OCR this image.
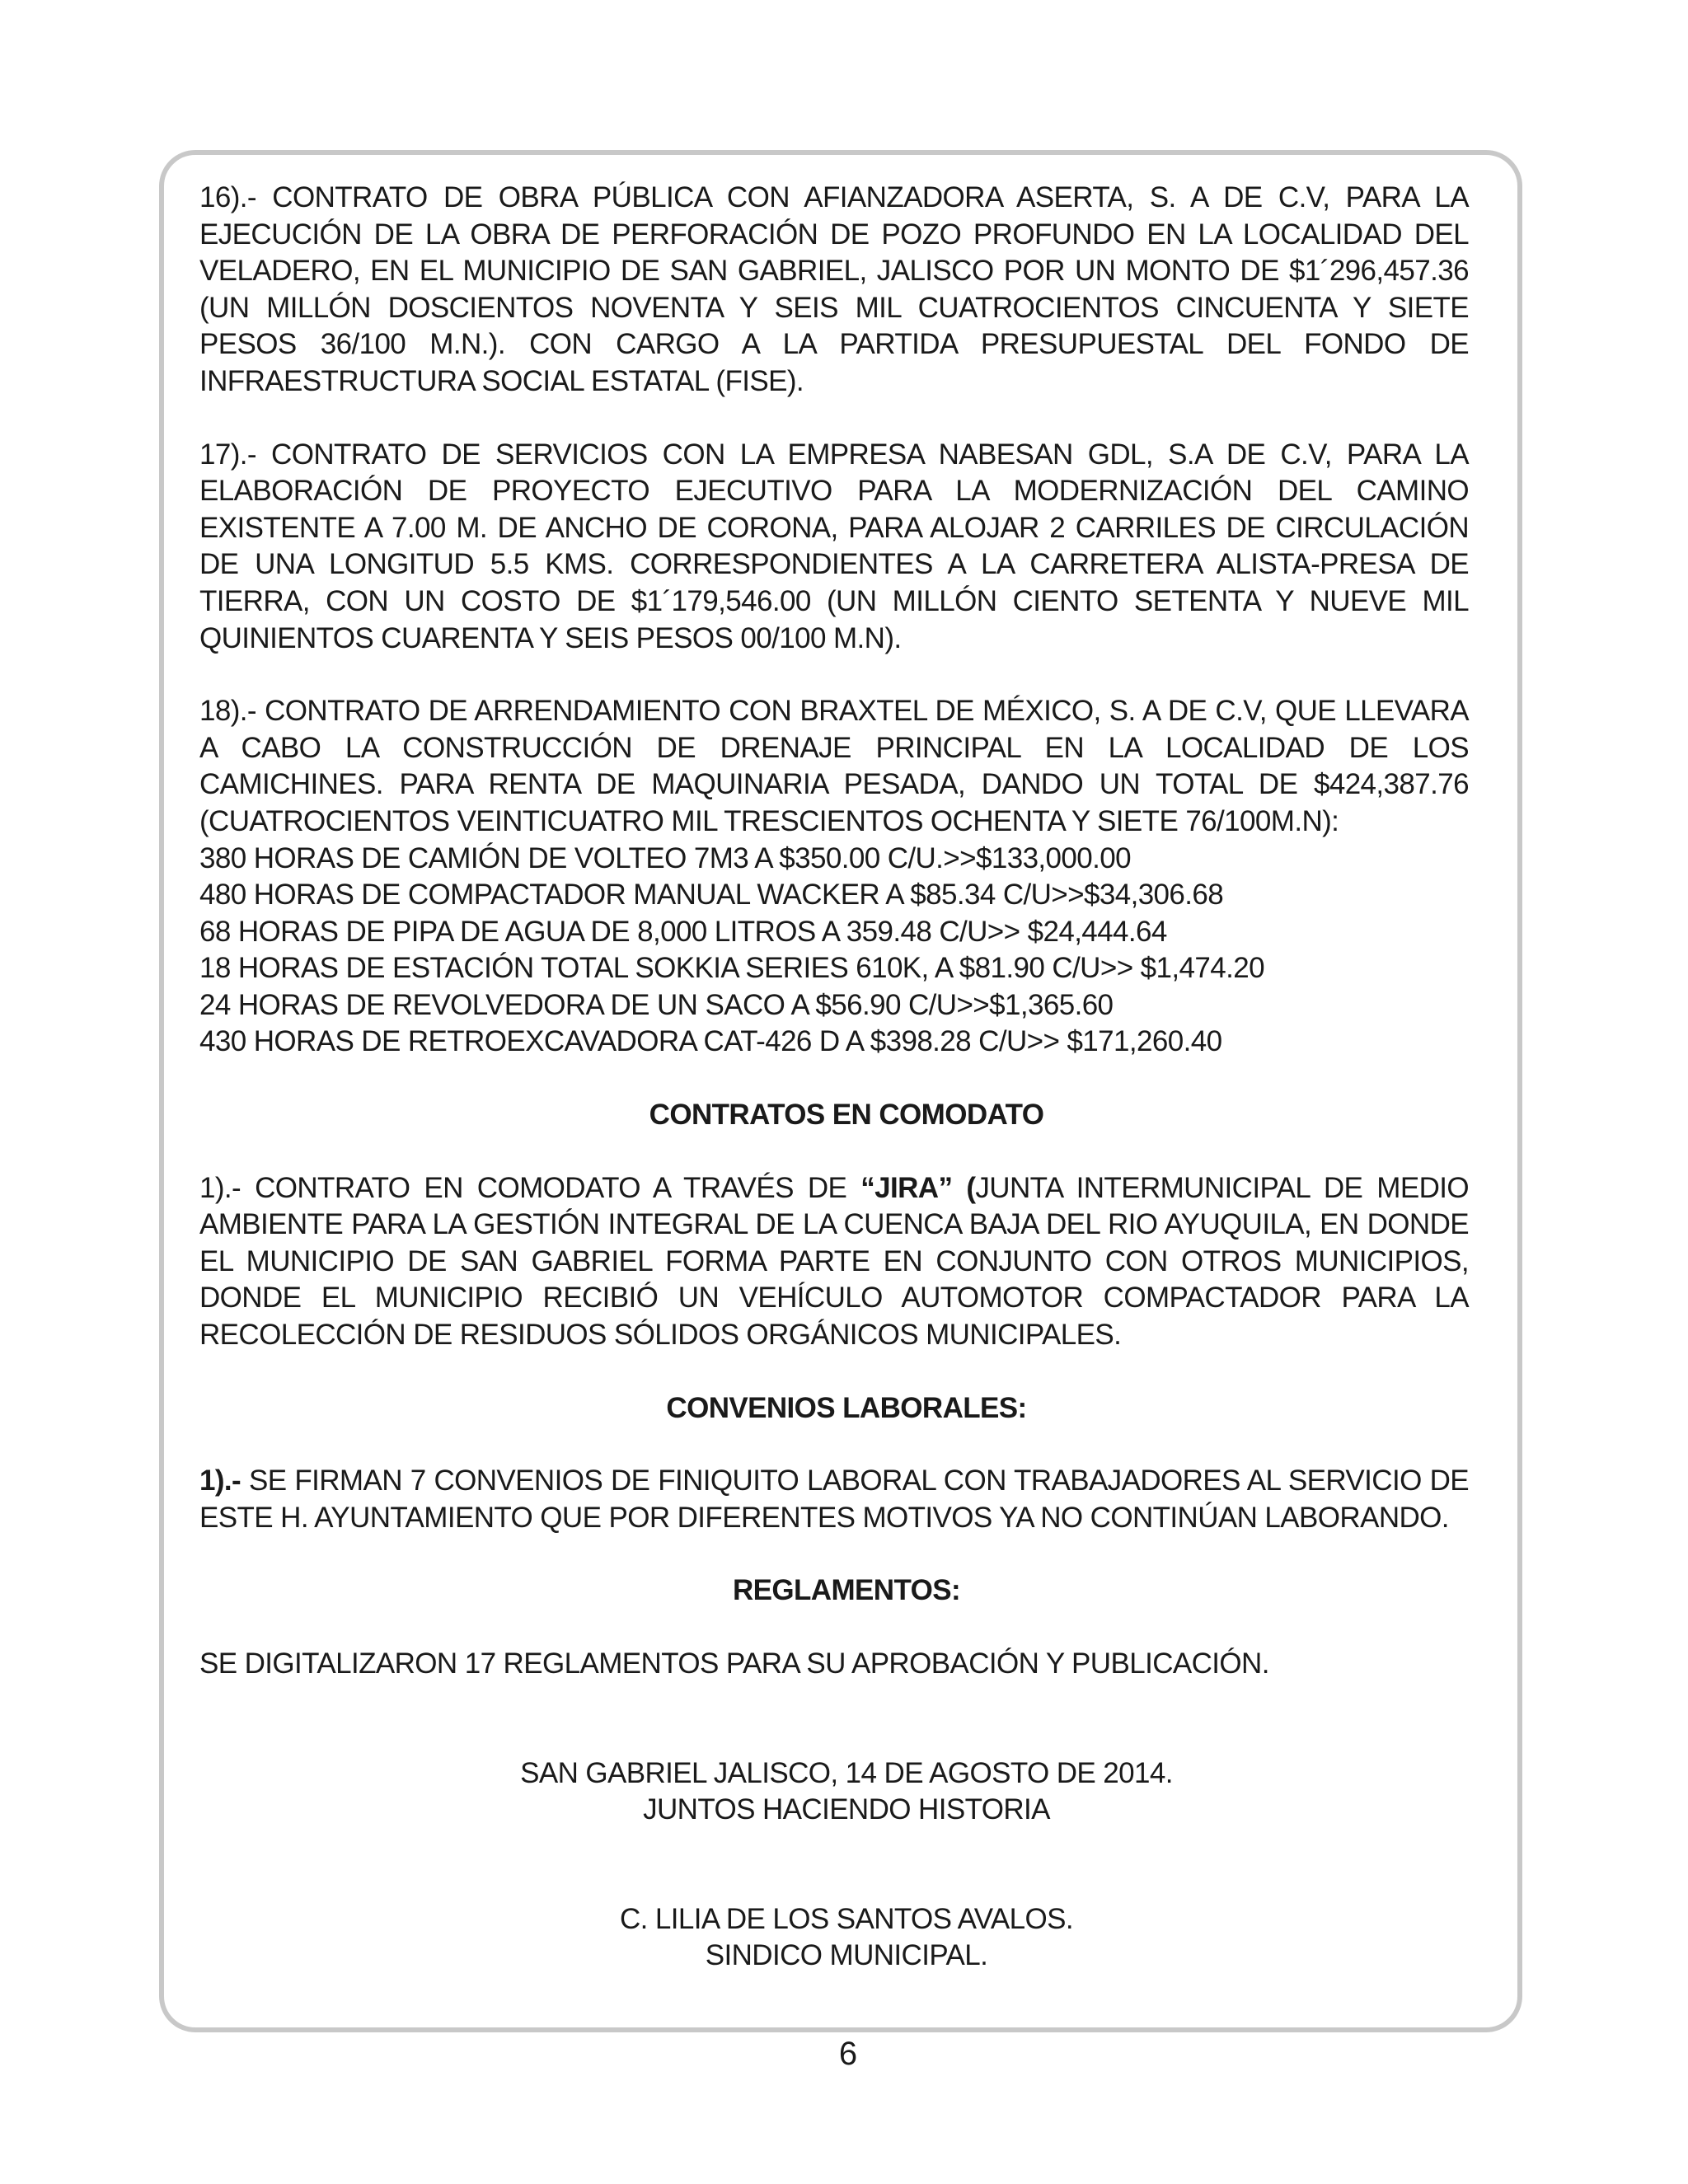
16).- CONTRATO DE OBRA PÚBLICA CON AFIANZADORA ASERTA, S. A DE C.V, PARA LA EJECUCIÓN DE LA OBRA DE PERFORACIÓN DE POZO PROFUNDO EN LA LOCALIDAD DEL VELADERO, EN EL MUNICIPIO DE SAN GABRIEL, JALISCO POR UN MONTO DE $1´296,457.36 (UN MILLÓN DOSCIENTOS NOVENTA Y SEIS MIL CUATROCIENTOS CINCUENTA Y SIETE PESOS 36/100 M.N.). CON CARGO A LA PARTIDA PRESUPUESTAL DEL FONDO DE INFRAESTRUCTURA SOCIAL ESTATAL (FISE).

17).- CONTRATO DE SERVICIOS CON LA EMPRESA NABESAN GDL, S.A DE C.V, PARA LA ELABORACIÓN DE PROYECTO EJECUTIVO PARA LA MODERNIZACIÓN DEL CAMINO EXISTENTE A 7.00 M. DE ANCHO DE CORONA, PARA ALOJAR 2 CARRILES DE CIRCULACIÓN DE UNA LONGITUD 5.5 KMS. CORRESPONDIENTES A LA CARRETERA ALISTA-PRESA DE TIERRA, CON UN COSTO DE $1´179,546.00 (UN MILLÓN CIENTO SETENTA Y NUEVE MIL QUINIENTOS CUARENTA Y SEIS PESOS 00/100 M.N).

18).- CONTRATO DE ARRENDAMIENTO CON BRAXTEL DE MÉXICO, S. A DE C.V, QUE LLEVARA A CABO LA CONSTRUCCIÓN DE DRENAJE PRINCIPAL EN LA LOCALIDAD DE LOS CAMICHINES. PARA RENTA DE MAQUINARIA PESADA, DANDO UN TOTAL DE $424,387.76 (CUATROCIENTOS VEINTICUATRO MIL TRESCIENTOS OCHENTA Y SIETE 76/100M.N):

380 HORAS DE CAMIÓN DE VOLTEO 7M3 A $350.00 C/U.>>$133,000.00
480 HORAS DE COMPACTADOR MANUAL WACKER A $85.34 C/U>>$34,306.68
68 HORAS DE PIPA DE AGUA DE 8,000 LITROS A 359.48 C/U>> $24,444.64
18 HORAS DE ESTACIÓN TOTAL SOKKIA SERIES 610K, A $81.90 C/U>> $1,474.20
24 HORAS DE REVOLVEDORA DE UN SACO A $56.90 C/U>>$1,365.60
430 HORAS DE RETROEXCAVADORA CAT-426 D A $398.28 C/U>> $171,260.40

CONTRATOS EN COMODATO

1).- CONTRATO EN COMODATO A TRAVÉS DE “JIRA” (JUNTA INTERMUNICIPAL DE MEDIO AMBIENTE PARA LA GESTIÓN INTEGRAL DE LA CUENCA BAJA DEL RIO AYUQUILA, EN DONDE EL MUNICIPIO DE SAN GABRIEL FORMA PARTE EN CONJUNTO CON OTROS MUNICIPIOS, DONDE EL MUNICIPIO RECIBIÓ UN VEHÍCULO AUTOMOTOR COMPACTADOR PARA LA RECOLECCIÓN DE RESIDUOS SÓLIDOS ORGÁNICOS MUNICIPALES.

CONVENIOS LABORALES:

1).- SE FIRMAN 7 CONVENIOS DE FINIQUITO LABORAL CON TRABAJADORES AL SERVICIO DE ESTE H. AYUNTAMIENTO QUE POR DIFERENTES MOTIVOS YA NO CONTINÚAN LABORANDO.

REGLAMENTOS:

SE DIGITALIZARON 17 REGLAMENTOS PARA SU APROBACIÓN Y PUBLICACIÓN.

SAN GABRIEL JALISCO, 14 DE AGOSTO DE 2014.

JUNTOS HACIENDO HISTORIA

C. LILIA DE LOS SANTOS AVALOS.

SINDICO MUNICIPAL.

6
